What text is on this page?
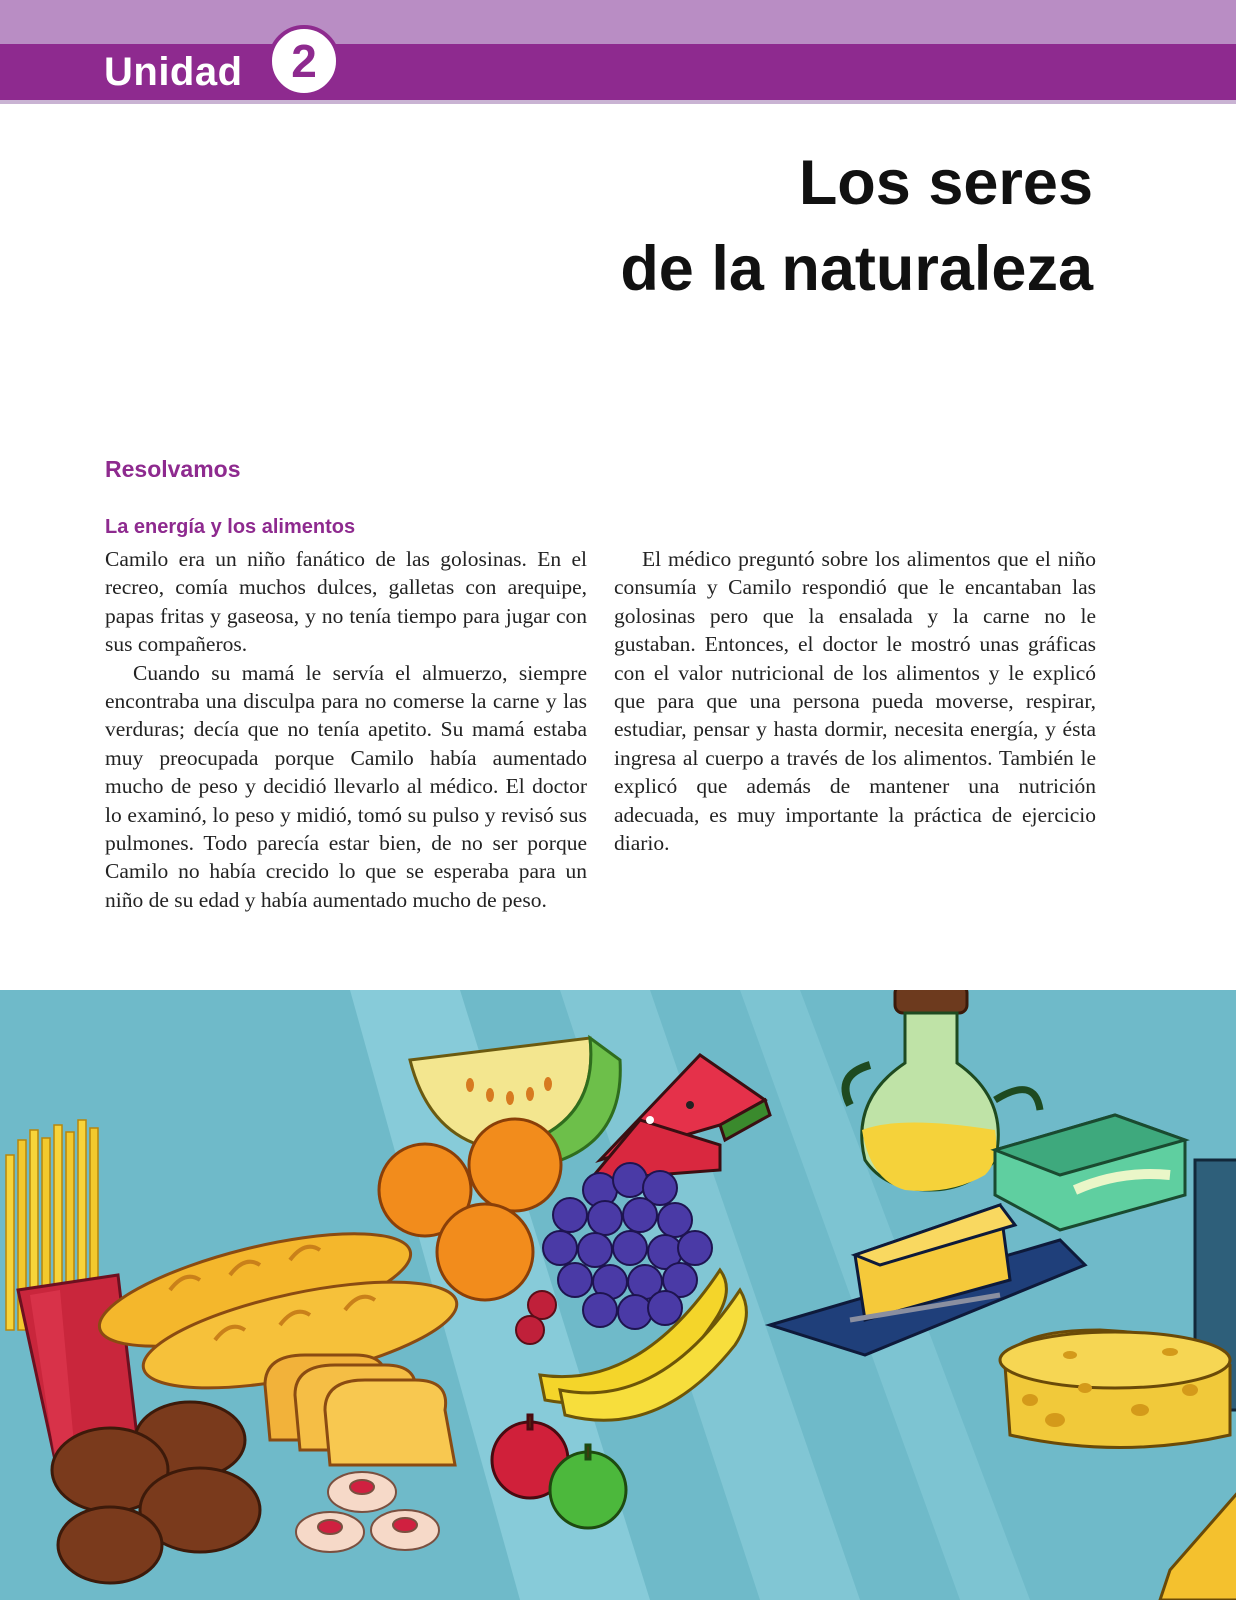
Unidad	2
Los seres
de la naturaleza
Resolvamos
La energía y los alimentos

Camilo era un niño fanático de las golosinas. En el recreo, comía muchos dulces, galletas con arequipe, papas fritas y gaseosa, y no tenía tiempo para jugar con sus compañeros.

Cuando su mamá le servía el almuerzo, siempre encontraba una disculpa para no comerse la carne y las verduras; decía que no tenía apetito. Su mamá estaba muy preocupada porque Camilo había aumentado mucho de peso y decidió llevarlo al médico. El doctor lo examinó, lo peso y midió, tomó su pulso y revisó sus pulmones. Todo parecía estar bien, de no ser porque Camilo no había crecido lo que se esperaba para un niño de su edad y había aumentado mucho de peso.

El médico preguntó sobre los alimentos que el niño consumía y Camilo respondió que le encantaban las golosinas pero que la ensalada y la carne no le gustaban. Entonces, el doctor le mostró unas gráficas con el valor nutricional de los alimentos y le explicó que para que una persona pueda moverse, respirar, estudiar, pensar y hasta dormir, necesita energía, y ésta ingresa al cuerpo a través de los alimentos. También le explicó que además de mantener una nutrición adecuada, es muy importante la práctica de ejercicio diario.
